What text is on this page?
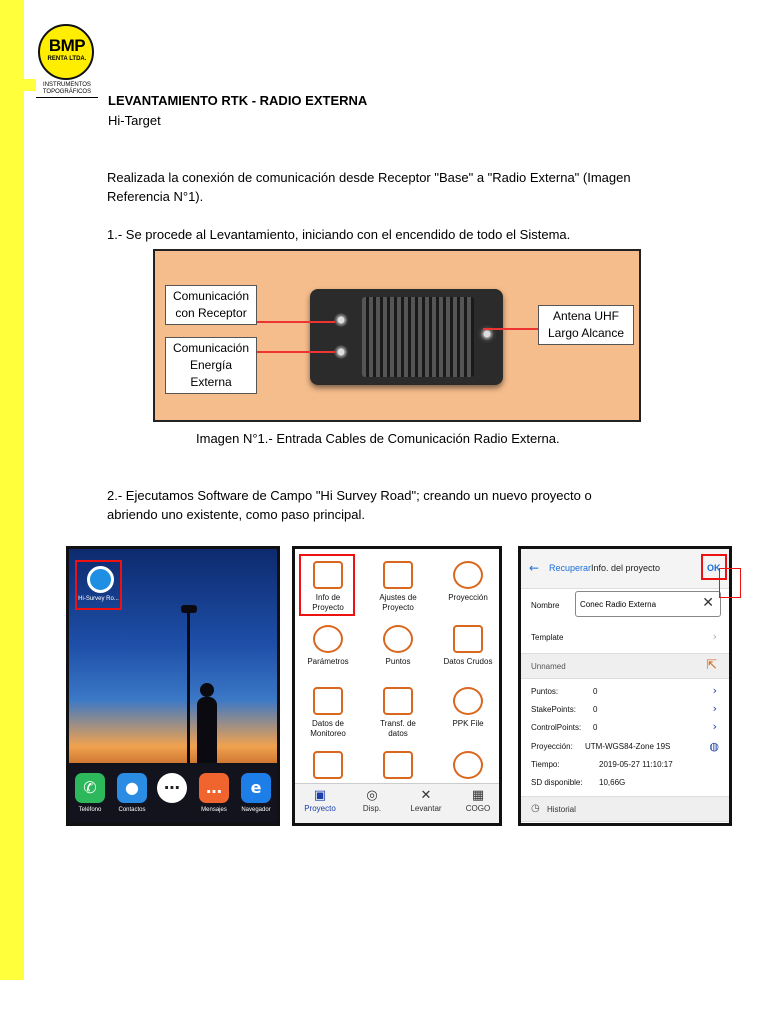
BMP
RENTA LTDA.
INSTRUMENTOS
TOPOGRÁFICOS
LEVANTAMIENTO RTK - RADIO EXTERNA
Hi-Target
Realizada la conexión de comunicación desde Receptor "Base" a "Radio Externa" (Imagen
Referencia N°1).
1.- Se procede al Levantamiento, iniciando con el encendido de todo el Sistema.
Comunicación
con Receptor
Comunicación
Energía Externa
Antena UHF
Largo Alcance
Imagen N°1.- Entrada Cables de Comunicación Radio Externa.
2.- Ejecutamos Software de Campo "Hi Survey Road"; creando un nuevo proyecto o
abriendo uno existente, como paso principal.
Hi-Survey Ro...
✆
Teléfono
●
Contactos
⋯	…
Mensajes
e
Navegador
Info de
Proyecto
Ajustes de
Proyecto
Proyección
Parámetros	Puntos	Datos Crudos
Datos de
Monitoreo
Transf. de
datos
PPK File
▣
Proyecto
◎
Disp.
✕
Levantar
▦
COGO
← Recuperar Info. del proyecto	OK
Nombre	Conec Radio Externa	✕
Template	›
Unnamed	⇱
Puntos:	0	›
StakePoints: 0	›
ControlPoints: 0	›
Proyección: UTM-WGS84-Zone 19S	◍
Tiempo:	2019-05-27 11:10:17
SD disponible: 10,66G
◷ Historial
